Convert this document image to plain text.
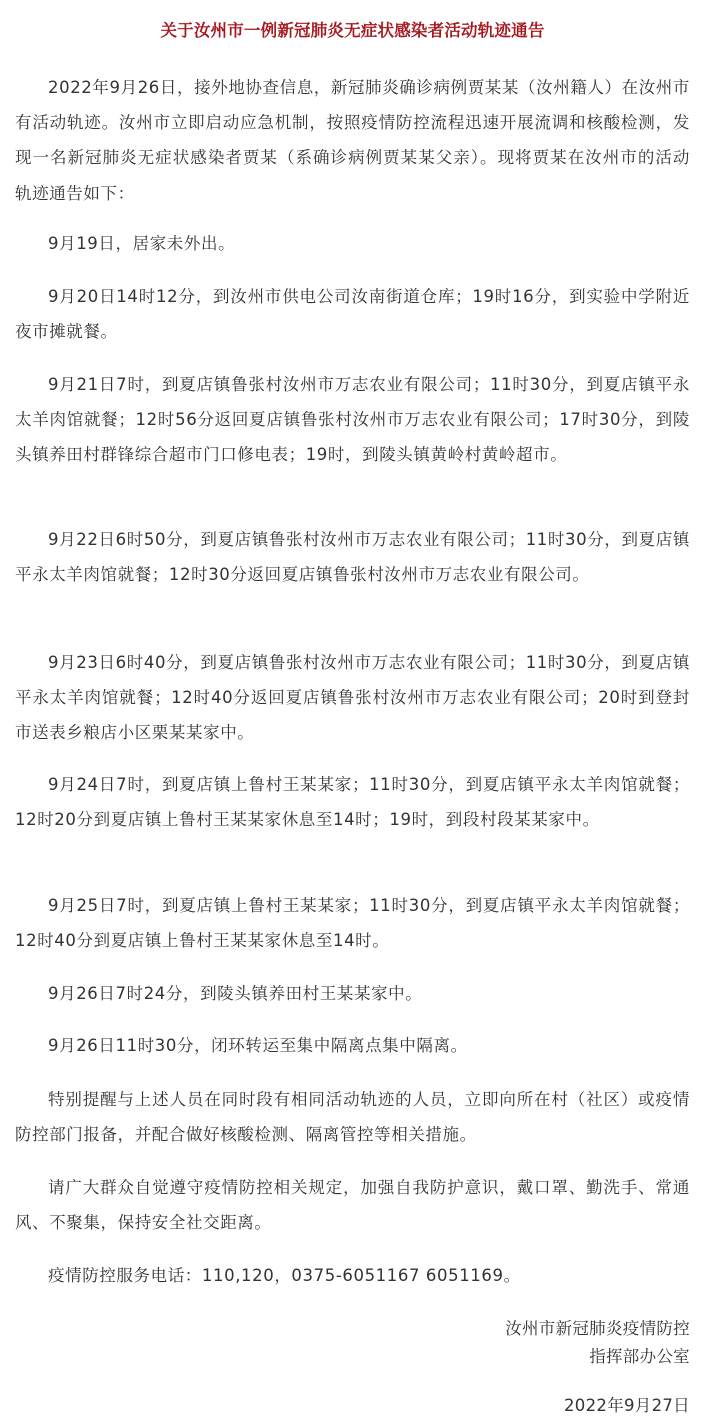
关于汝州市一例新冠肺炎无症状感染者活动轨迹通告

2022年9月26日，接外地协查信息，新冠肺炎确诊病例贾某某（汝州籍人）在汝州市有活动轨迹。汝州市立即启动应急机制，按照疫情防控流程迅速开展流调和核酸检测，发现一名新冠肺炎无症状感染者贾某（系确诊病例贾某某父亲）。现将贾某在汝州市的活动轨迹通告如下：

9月19日，居家未外出。

9月20日14时12分，到汝州市供电公司汝南街道仓库；19时16分，到实验中学附近夜市摊就餐。

9月21日7时，到夏店镇鲁张村汝州市万志农业有限公司；11时30分，到夏店镇平永太羊肉馆就餐；12时56分返回夏店镇鲁张村汝州市万志农业有限公司；17时30分，到陵头镇养田村群锋综合超市门口修电表；19时，到陵头镇黄岭村黄岭超市。

9月22日6时50分，到夏店镇鲁张村汝州市万志农业有限公司；11时30分，到夏店镇平永太羊肉馆就餐；12时30分返回夏店镇鲁张村汝州市万志农业有限公司。

9月23日6时40分，到夏店镇鲁张村汝州市万志农业有限公司；11时30分，到夏店镇平永太羊肉馆就餐；12时40分返回夏店镇鲁张村汝州市万志农业有限公司；20时到登封市送表乡粮店小区栗某某家中。

9月24日7时，到夏店镇上鲁村王某某家；11时30分，到夏店镇平永太羊肉馆就餐；12时20分到夏店镇上鲁村王某某家休息至14时；19时，到段村段某某家中。

9月25日7时，到夏店镇上鲁村王某某家；11时30分，到夏店镇平永太羊肉馆就餐；12时40分到夏店镇上鲁村王某某家休息至14时。

9月26日7时24分，到陵头镇养田村王某某家中。

9月26日11时30分，闭环转运至集中隔离点集中隔离。

特别提醒与上述人员在同时段有相同活动轨迹的人员，立即向所在村（社区）或疫情防控部门报备，并配合做好核酸检测、隔离管控等相关措施。

请广大群众自觉遵守疫情防控相关规定，加强自我防护意识，戴口罩、勤洗手、常通风、不聚集，保持安全社交距离。

疫情防控服务电话：110,120，0375-6051167 6051169。

汝州市新冠肺炎疫情防控
指挥部办公室
2022年9月27日
